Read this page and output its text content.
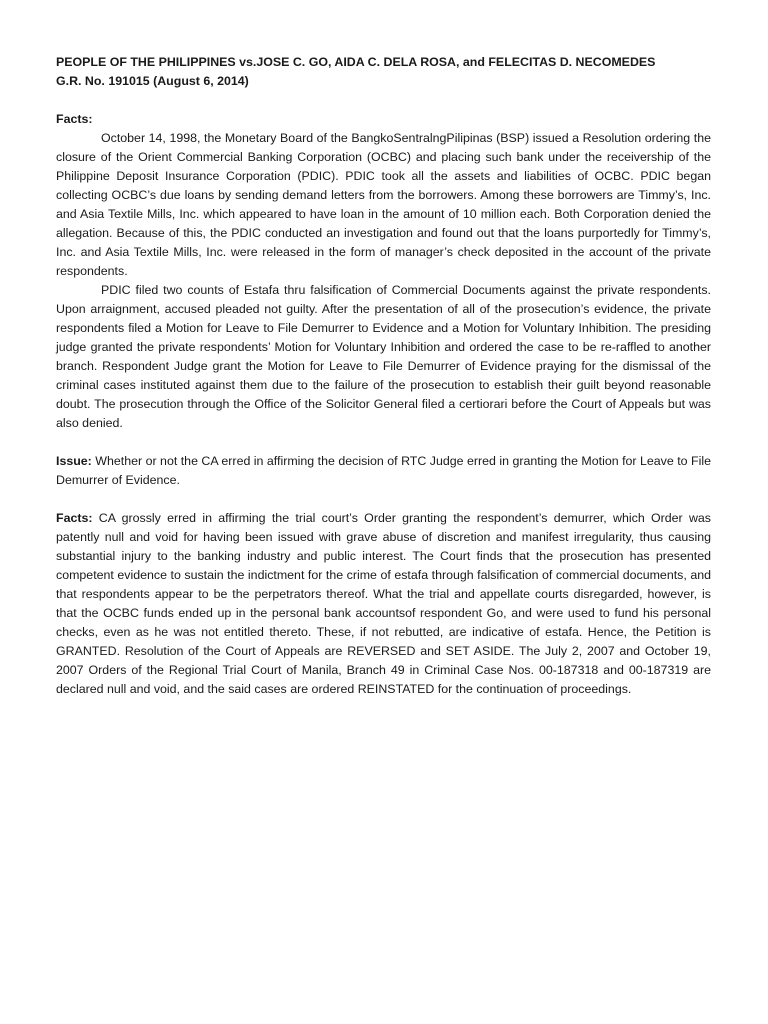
PEOPLE OF THE PHILIPPINES vs.JOSE C. GO, AIDA C. DELA ROSA, and FELECITAS D. NECOMEDES

G.R. No. 191015 (August 6, 2014)

Facts:

October 14, 1998, the Monetary Board of the BangkoSentralngPilipinas (BSP) issued a Resolution ordering the closure of the Orient Commercial Banking Corporation (OCBC) and placing such bank under the receivership of the Philippine Deposit Insurance Corporation (PDIC). PDIC took all the assets and liabilities of OCBC. PDIC began collecting OCBC’s due loans by sending demand letters from the borrowers. Among these borrowers are Timmy’s, Inc. and Asia Textile Mills, Inc. which appeared to have loan in the amount of 10 million each. Both Corporation denied the allegation. Because of this, the PDIC conducted an investigation and found out that the loans purportedly for Timmy’s, Inc. and Asia Textile Mills, Inc. were released in the form of manager’s check deposited in the account of the private respondents.

PDIC filed two counts of Estafa thru falsification of Commercial Documents against the private respondents. Upon arraignment, accused pleaded not guilty. After the presentation of all of the prosecution’s evidence, the private respondents filed a Motion for Leave to File Demurrer to Evidence and a Motion for Voluntary Inhibition. The presiding judge granted the private respondents’ Motion for Voluntary Inhibition and ordered the case to be re-raffled to another branch. Respondent Judge grant the Motion for Leave to File Demurrer of Evidence praying for the dismissal of the criminal cases instituted against them due to the failure of the prosecution to establish their guilt beyond reasonable doubt. The prosecution through the Office of the Solicitor General filed a certiorari before the Court of Appeals but was also denied.

Issue: Whether or not the CA erred in affirming the decision of RTC Judge erred in granting the Motion for Leave to File Demurrer of Evidence.

Facts: CA grossly erred in affirming the trial court’s Order granting the respondent’s demurrer, which Order was patently null and void for having been issued with grave abuse of discretion and manifest irregularity, thus causing substantial injury to the banking industry and public interest. The Court finds that the prosecution has presented competent evidence to sustain the indictment for the crime of estafa through falsification of commercial documents, and that respondents appear to be the perpetrators thereof. What the trial and appellate courts disregarded, however, is that the OCBC funds ended up in the personal bank accountsof respondent Go, and were used to fund his personal checks, even as he was not entitled thereto. These, if not rebutted, are indicative of estafa. Hence, the Petition is GRANTED. Resolution of the Court of Appeals are REVERSED and SET ASIDE. The July 2, 2007 and October 19, 2007 Orders of the Regional Trial Court of Manila, Branch 49 in Criminal Case Nos. 00-187318 and 00-187319 are declared null and void, and the said cases are ordered REINSTATED for the continuation of proceedings.
